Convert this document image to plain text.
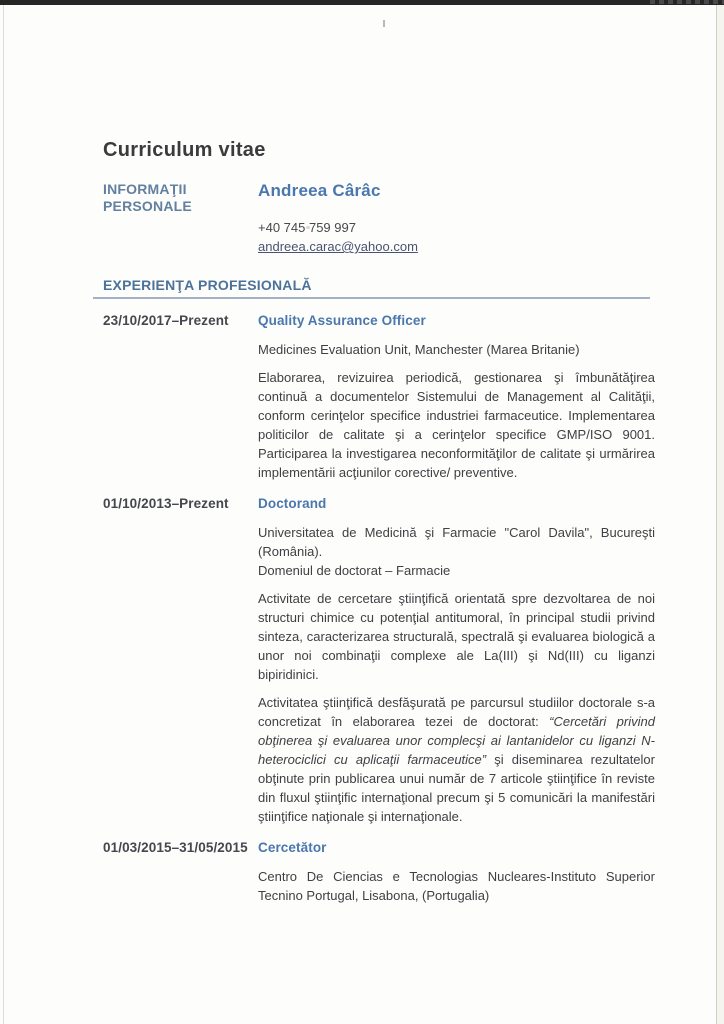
Curriculum vitae
INFORMAŢII
PERSONALE
Andreea Cârâc
+40 745 759 997
andreea.carac@yahoo.com
EXPERIENŢA PROFESIONALĂ
23/10/2017–Prezent	Quality Assurance Officer
Medicines Evaluation Unit, Manchester (Marea Britanie)
Elaborarea, revizuirea periodică, gestionarea şi îmbunătăţirea continuă a documentelor Sistemului de Management al Calităţii, conform cerinţelor specifice industriei farmaceutice. Implementarea politicilor de calitate şi a cerinţelor specifice GMP/ISO 9001. Participarea la investigarea neconformităţilor de calitate şi urmărirea implementării acţiunilor corective/ preventive.
01/10/2013–Prezent	Doctorand
Universitatea de Medicină şi Farmacie "Carol Davila", Bucureşti (România).
Domeniul de doctorat – Farmacie
Activitate de cercetare ştiinţifică orientată spre dezvoltarea de noi structuri chimice cu potenţial antitumoral, în principal studii privind sinteza, caracterizarea structurală, spectrală şi evaluarea biologică a unor noi combinaţii complexe ale La(III) şi Nd(III) cu liganzi bipiridinici.
Activitatea ştiinţifică desfăşurată pe parcursul studiilor doctorale s-a concretizat în elaborarea tezei de doctorat: “Cercetări privind obţinerea şi evaluarea unor complecşi ai lantanidelor cu liganzi N-heterociclici cu aplicaţii farmaceutice” şi diseminarea rezultatelor obţinute prin publicarea unui număr de 7 articole ştiinţifice în reviste din fluxul ştiinţific internaţional precum şi 5 comunicări la manifestări ştiinţifice naţionale şi internaţionale.
01/03/2015–31/05/2015 Cercetător
Centro De Ciencias e Tecnologias Nucleares-Instituto Superior Tecnino Portugal, Lisabona, (Portugalia)
